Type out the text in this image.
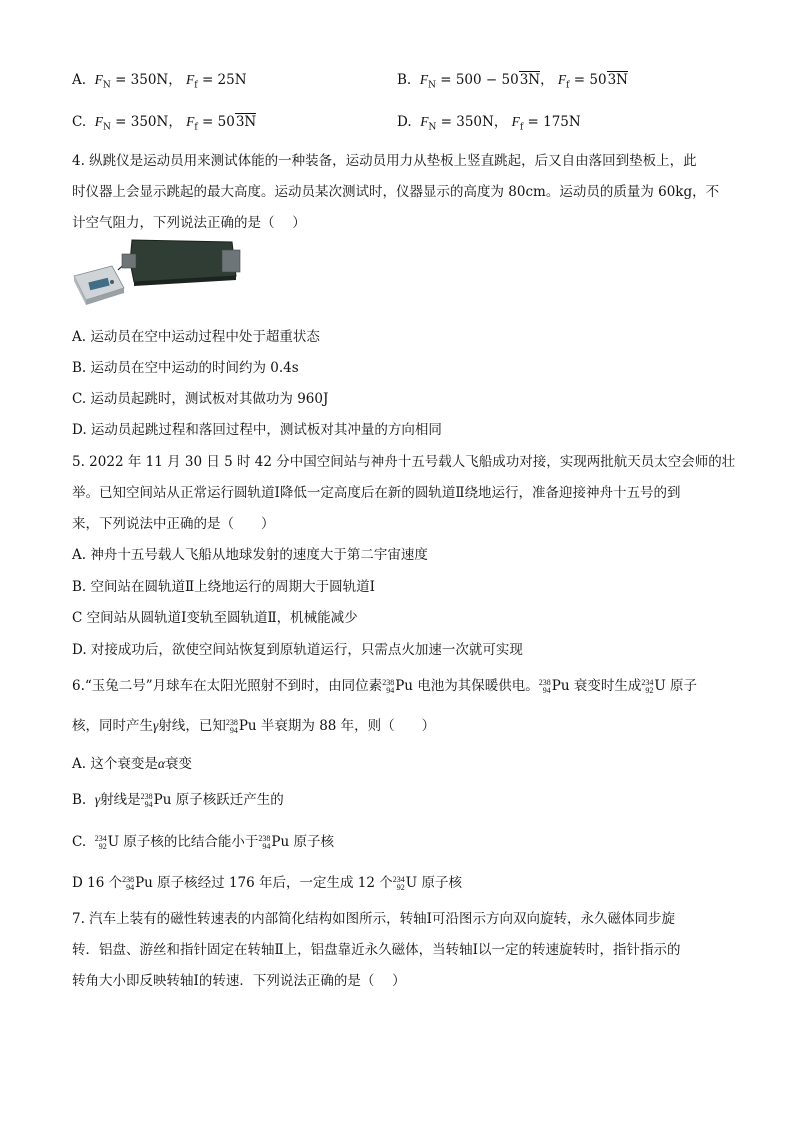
A. $F_N = 350N$， $F_f = 25N$	B. $F_N = 500 - 503N$， $F_f = 503N$
C. $F_N = 350N$， $F_f = 503N$	D. $F_N = 350N$， $F_f = 175N$
4. 纵跳仪是运动员用来测试体能的一种装备，运动员用力从垫板上竖直跳起，后又自由落回到垫板上，此
时仪器上会显示跳起的最大高度。运动员某次测试时，仪器显示的高度为 80cm。运动员的质量为 60kg，不
计空气阻力，下列说法正确的是（　 ）
A. 运动员在空中运动过程中处于超重状态
B. 运动员在空中运动的时间约为 0.4s
C. 运动员起跳时，测试板对其做功为 960J
D. 运动员起跳过程和落回过程中，测试板对其冲量的方向相同
5. 2022 年 11 月 30 日 5 时 42 分中国空间站与神舟十五号载人飞船成功对接，实现两批航天员太空会师的壮
举。已知空间站从正常运行圆轨道Ⅰ降低一定高度后在新的圆轨道Ⅱ绕地运行，准备迎接神舟十五号的到
来，下列说法中正确的是（　　）
A. 神舟十五号载人飞船从地球发射的速度大于第二宇宙速度
B. 空间站在圆轨道Ⅱ上绕地运行的周期大于圆轨道Ⅰ
C 空间站从圆轨道Ⅰ变轨至圆轨道Ⅱ，机械能减少
D. 对接成功后，欲使空间站恢复到原轨道运行，只需点火加速一次就可实现
6.“玉兔二号”月球车在太阳光照射不到时，由同位素 238
94 Pu 电池为其保暖供电。 238
94 Pu 衰变时生成 234
92 U 原子
核，同时产生γ射线，已知 238
94 Pu 半衰期为 88 年，则（　　）
A. 这个衰变是α衰变
B. γ射线是 238
94 Pu 原子核跃迁产生的
C. 234
92 U 原子核的比结合能小于 238
94 Pu 原子核
D 16 个 238
94 Pu 原子核经过 176 年后，一定生成 12 个 234
92 U 原子核
7. 汽车上装有的磁性转速表的内部简化结构如图所示，转轴Ⅰ可沿图示方向双向旋转，永久磁体同步旋
转．铝盘、游丝和指针固定在转轴Ⅱ上，铝盘靠近永久磁体，当转轴Ⅰ以一定的转速旋转时，指针指示的
转角大小即反映转轴Ⅰ的转速．下列说法正确的是（　 ）
